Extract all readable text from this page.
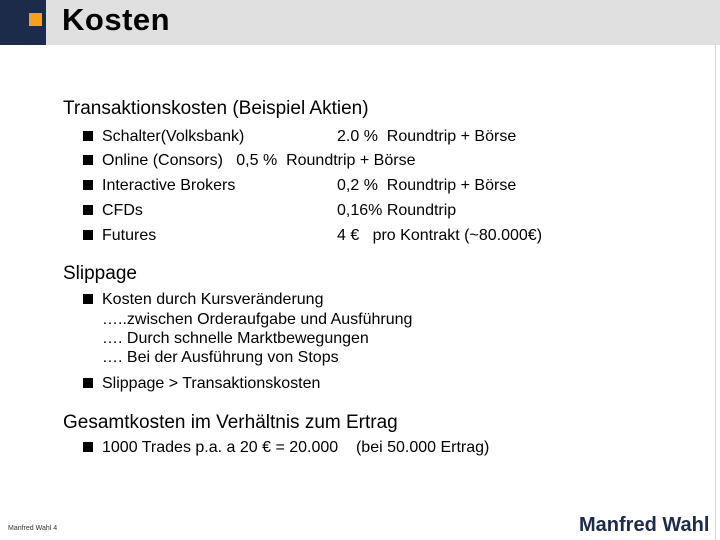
Kosten
Transaktionskosten (Beispiel Aktien)
Schalter(Volksbank)	2.0 %  Roundtrip + Börse
Online (Consors)   0,5 %  Roundtrip + Börse
Interactive Brokers	0,2 %  Roundtrip + Börse
CFDs	0,16% Roundtrip
Futures	4 €   pro Kontrakt (~80.000€)
Slippage
Kosten durch Kursveränderung
…..zwischen Orderaufgabe und Ausführung
…. Durch schnelle Marktbewegungen
…. Bei der Ausführung von Stops
Slippage > Transaktionskosten
Gesamtkosten im Verhältnis zum Ertrag
1000 Trades p.a. a 20 € = 20.000    (bei 50.000 Ertrag)
Manfred Wahl 4	Manfred Wahl
